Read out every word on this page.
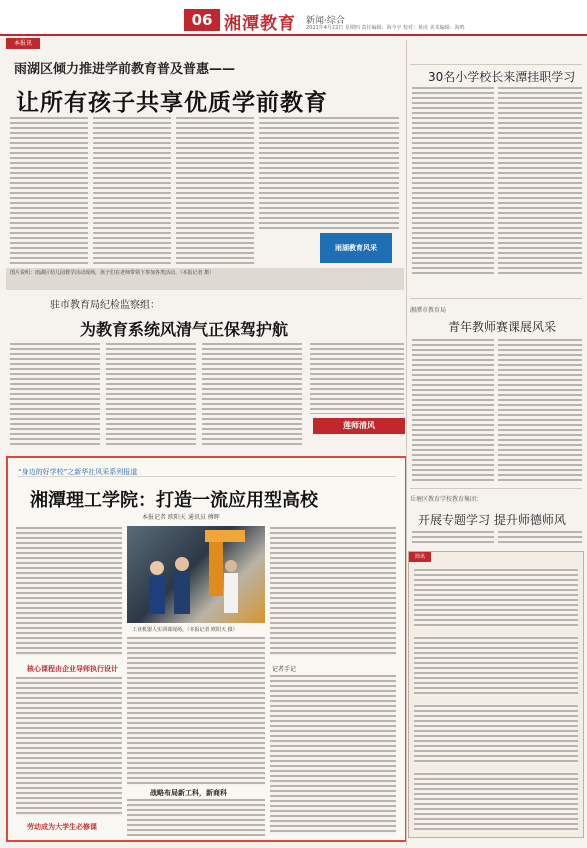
06 湘潭教育 新闻·综合
2021年4月22日 星期四 责任编辑：海今宇 校对：黄虎 美术编辑：海鸣
本报讯
雨湖区倾力推进学前教育普及普惠——
让所有孩子共享优质学前教育
雨湖教育风采
图片说明：雨湖区幼儿园教学活动现场，孩子们在老师带领下参加各类活动。（本报记者 摄）
驻市教育局纪检监察组：
为教育系统风清气正保驾护航
莲师清风
“身边的好学校”之新华社风采系列报道
湘潭理工学院：打造一流应用型高校
本报记者 欧阳天 通讯员 傅晖
工业机器人实训课现场。（本报记者 欧阳天 摄）
核心课程由企业导师执行设计
战略布局新工科，新商科
记者手记
劳动成为大学生必修课
30名小学校长来潭挂职学习
湘潭市教育局
青年教师赛课展风采
岳塘区教育学校教育集团：
开展专题学习 提升师德师风
简讯
